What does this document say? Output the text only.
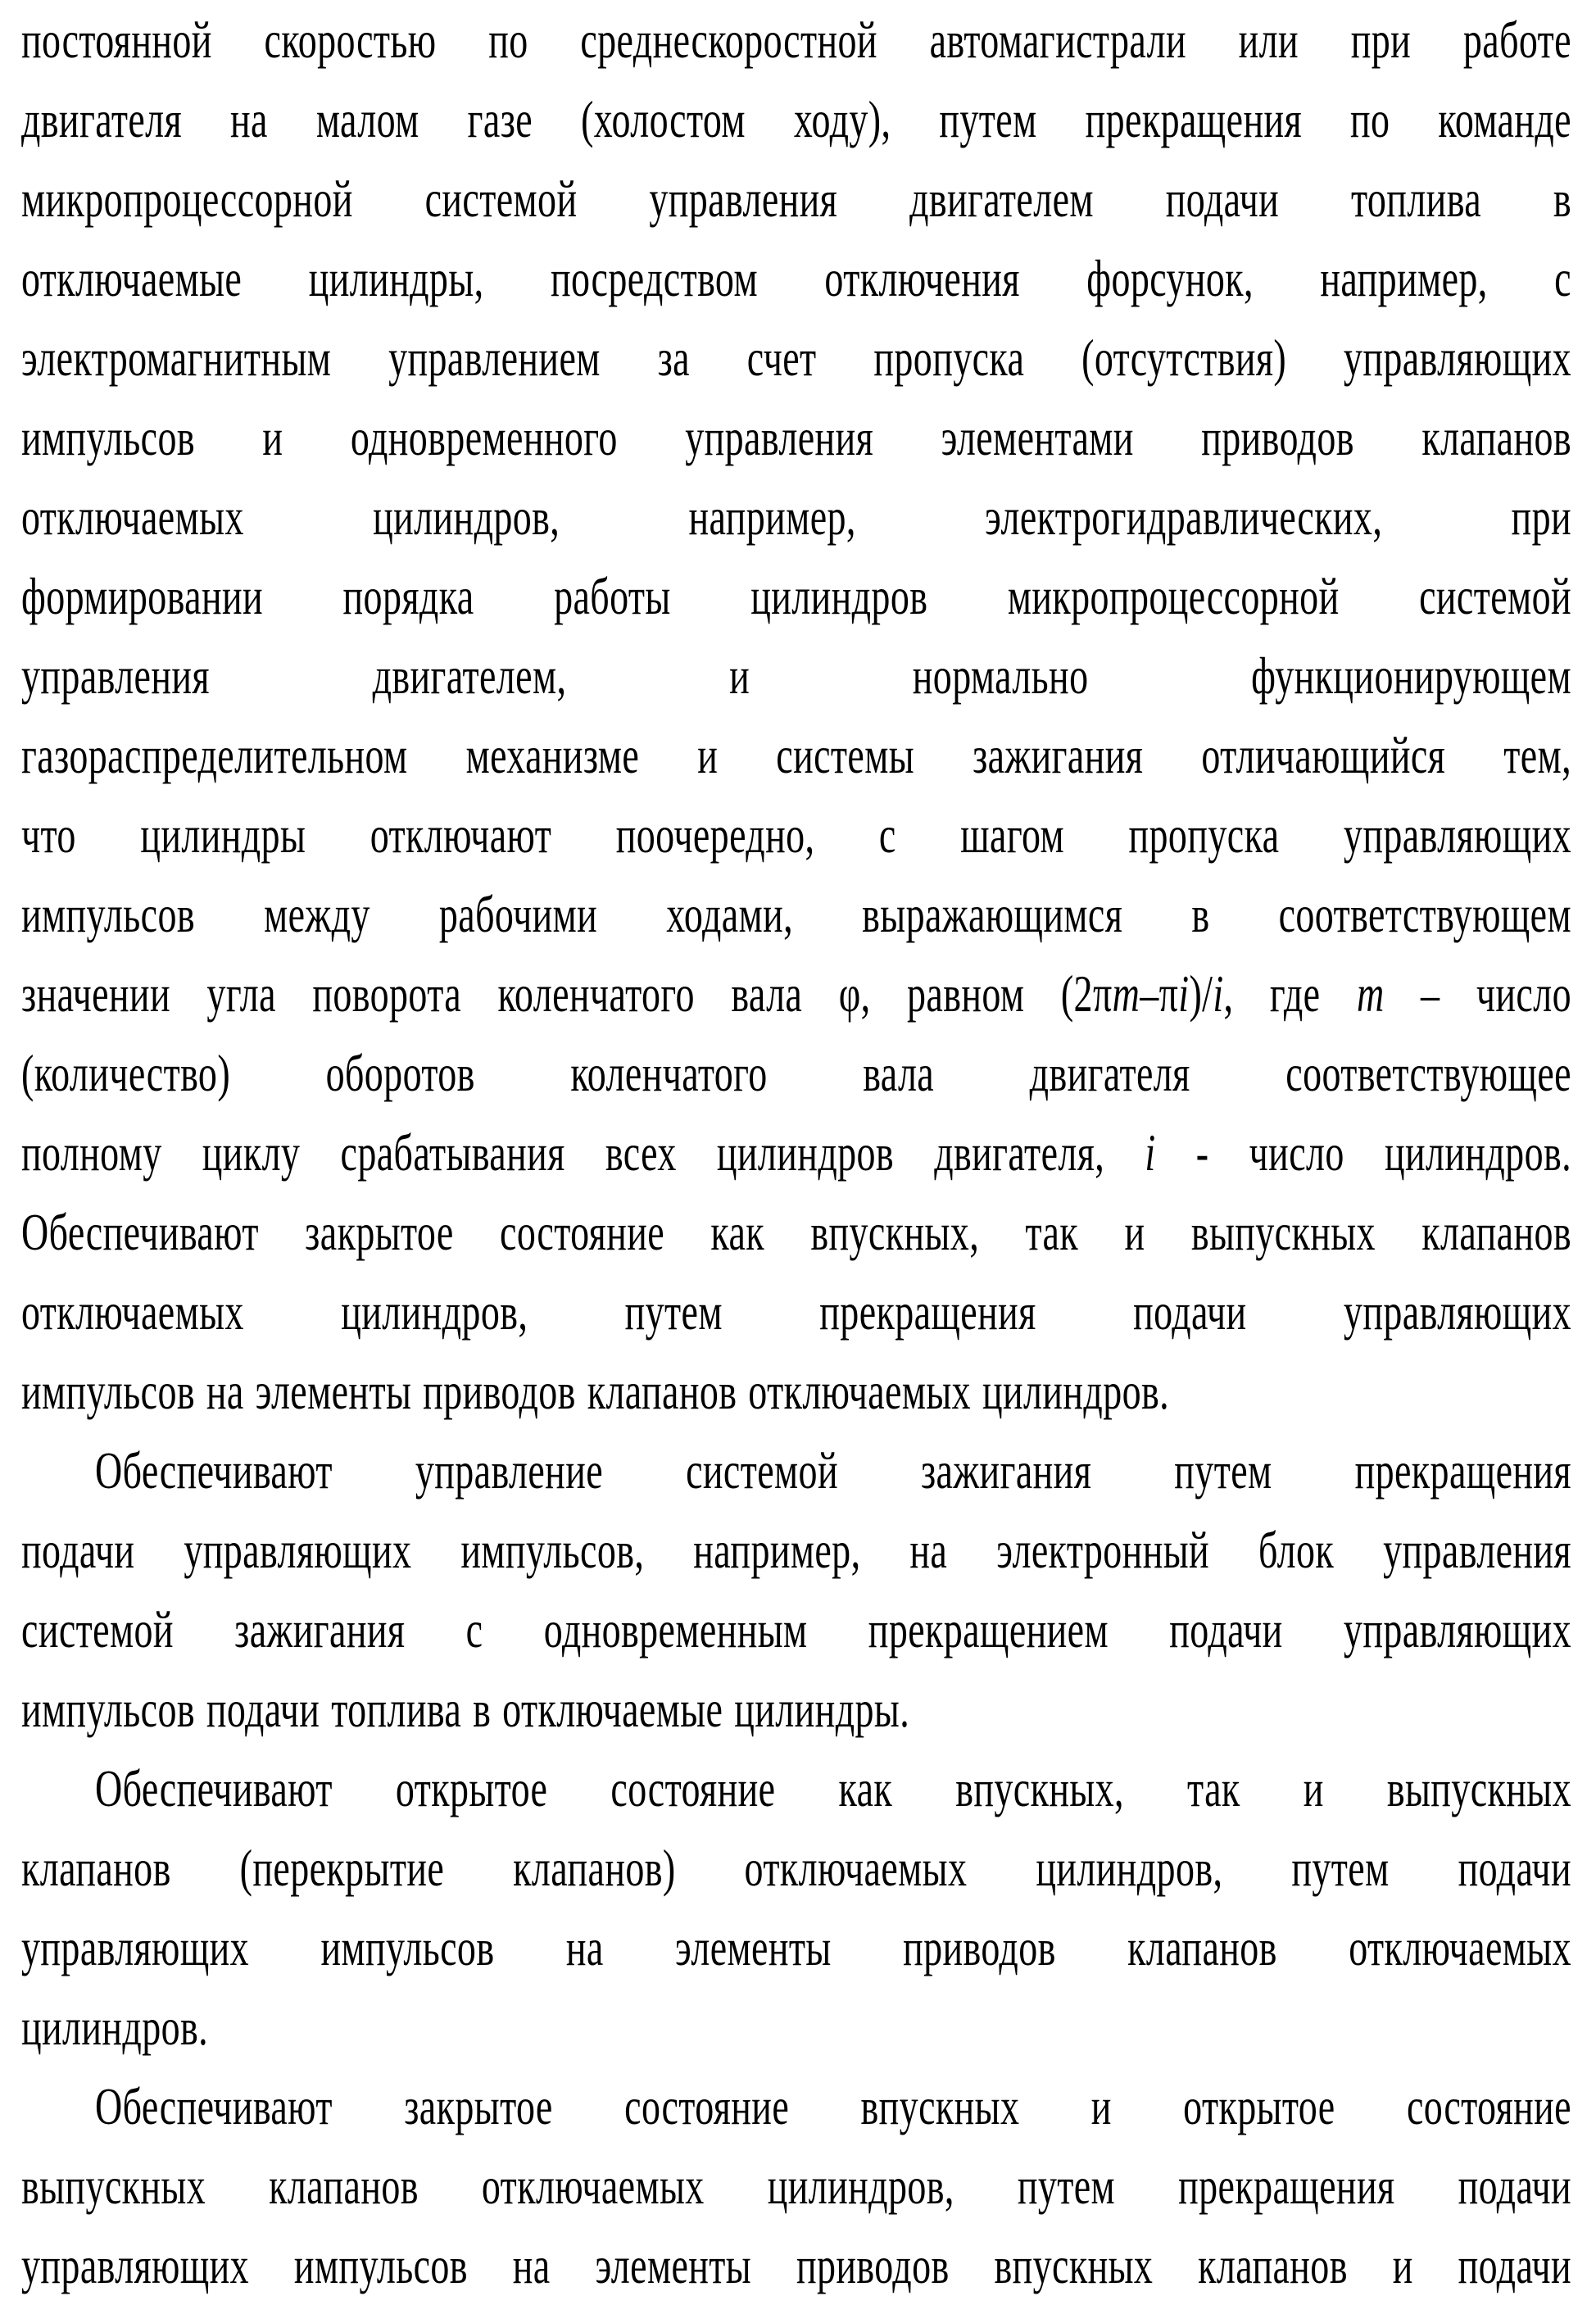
постоянной скоростью по среднескоростной автомагистрали или при работе
двигателя на малом газе (холостом ходу), путем прекращения по команде
микропроцессорной системой управления двигателем подачи топлива в
отключаемые цилиндры, посредством отключения форсунок, например, с
электромагнитным управлением за счет пропуска (отсутствия) управляющих
импульсов и одновременного управления элементами приводов клапанов
отключаемых цилиндров, например, электрогидравлических, при
формировании порядка работы цилиндров микропроцессорной системой
управления двигателем, и нормально функционирующем
газораспределительном механизме и системы зажигания отличающийся тем,
что цилиндры отключают поочередно, с шагом пропуска управляющих
импульсов между рабочими ходами, выражающимся в соответствующем
значении угла поворота коленчатого вала φ, равном (2πm–πi)/i, где m – число
(количество) оборотов коленчатого вала двигателя соответствующее
полному циклу срабатывания всех цилиндров двигателя, i - число цилиндров.
Обеспечивают закрытое состояние как впускных, так и выпускных клапанов
отключаемых цилиндров, путем прекращения подачи управляющих
импульсов на элементы приводов клапанов отключаемых цилиндров.
Обеспечивают управление системой зажигания путем прекращения
подачи управляющих импульсов, например, на электронный блок управления
системой зажигания с одновременным прекращением подачи управляющих
импульсов подачи топлива в отключаемые цилиндры.
Обеспечивают открытое состояние как впускных, так и выпускных
клапанов (перекрытие клапанов) отключаемых цилиндров, путем подачи
управляющих импульсов на элементы приводов клапанов отключаемых
цилиндров.
Обеспечивают закрытое состояние впускных и открытое состояние
выпускных клапанов отключаемых цилиндров, путем прекращения подачи
управляющих импульсов на элементы приводов впускных клапанов и подачи
